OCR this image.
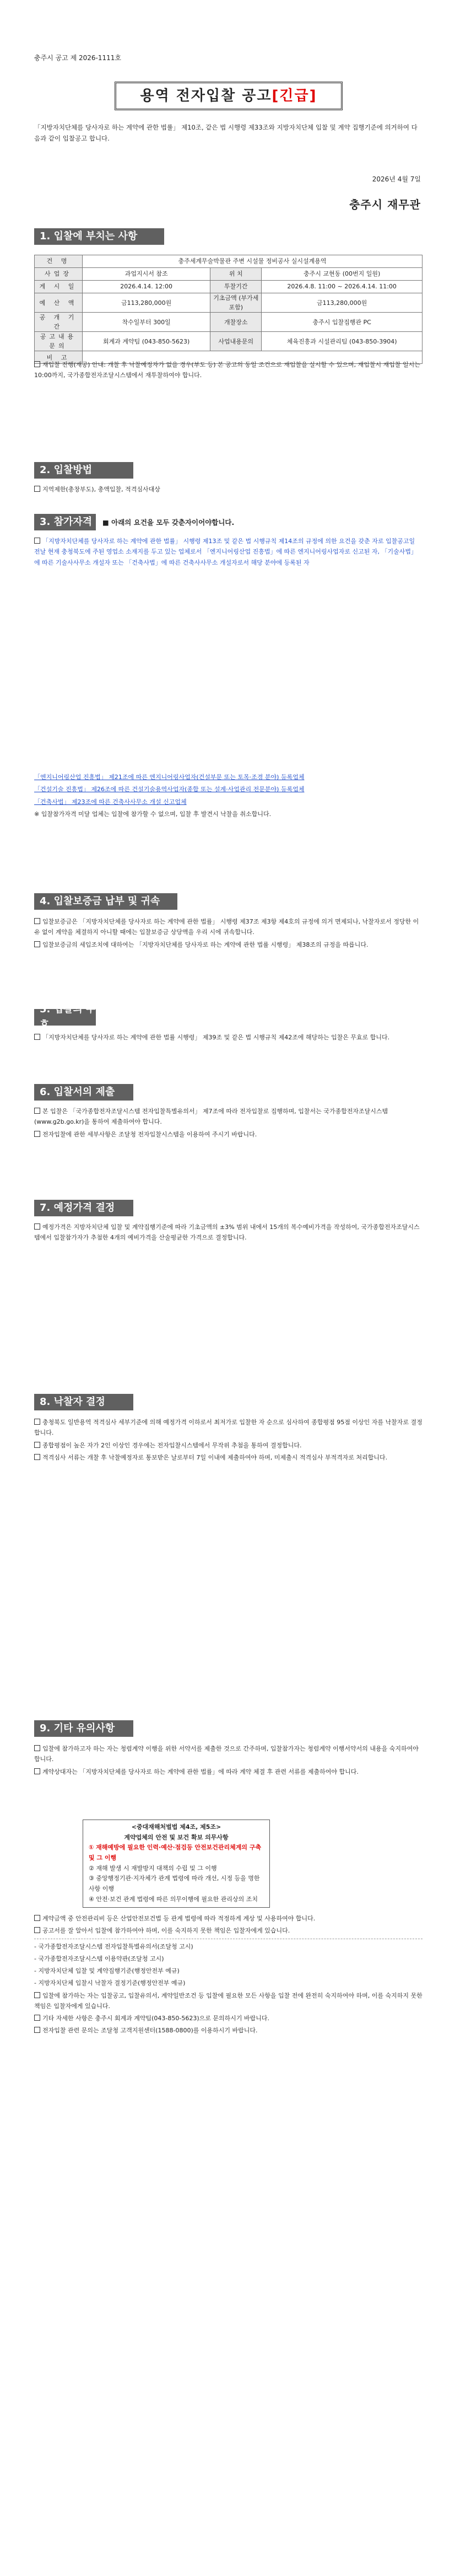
충주시 공고 제 2026-1111호
용역 전자입찰 공고 [긴급]
「지방자치단체를 당사자로 하는 계약에 관한 법률」 제10조, 같은 법 시행령 제33조와 지방자치단체 입찰 및 계약 집행기준에 의거하여 다음과 같이 입찰공고 합니다.
2026년 4월 7일
충주시 재무관
1. 입찰에 부치는 사항
건 명	충주세계무술박물관 주변 시설물 정비공사 실시설계용역		
사업장	과업지시서 참조	위 치	충주시 교현동 (00번지 일원)
게 시 일	2026.4.14. 12:00	투찰기간	2026.4.8. 11:00 ~ 2026.4.14. 11:00
예 산 액	금113,280,000원	기초금액 (부가세포함)	금113,280,000원
공 개 기 간	착수일부터 300일	개찰장소	충주시 입찰집행관 PC
공고내용문의	회계과 계약팀 (043-850-5623)	사업내용문의	체육진흥과 시설관리팀 (043-850-3904)
비 고			

재입찰 진행(재공) 안내: 개찰 후 낙찰예정자가 없을 경우(부도 등) 본 공고의 동일 조건으로 재입찰을 실시할 수 있으며, 재입찰시 재입찰 일시는 10:00까지, 국가종합전자조달시스템에서 재투찰하여야 합니다.

2. 입찰방법

지역제한(총창부도), 총액입찰, 적격심사대상

3. 참가자격	■ 아래의 요건을 모두 갖춘자이어야합니다.

「지방자치단체를 당사자로 하는 계약에 관한 법률」 시행령 제13조 및 같은 법 시행규칙 제14조의 규정에 의한 요건을 갖춘 자로 입찰공고일 전날 현재 충청북도에 주된 영업소 소재지를 두고 있는 업체로서 「엔지니어링산업 진흥법」에 따른 엔지니어링사업자로 신고된 자, 「기술사법」에 따른 기술사사무소 개설자 또는 「건축사법」에 따른 건축사사무소 개설자로서 해당 분야에 등록된 자

「엔지니어링산업 진흥법」 제21조에 따른 엔지니어링사업자(건설부문 또는 토목·조경 분야) 등록업체

「건설기술 진흥법」 제26조에 따른 건설기술용역사업자(종합 또는 설계·사업관리 전문분야) 등록업체

「건축사법」 제23조에 따른 건축사사무소 개설 신고업체

※ 입찰참가자격 미달 업체는 입찰에 참가할 수 없으며, 입찰 후 발견시 낙찰을 취소합니다.

4. 입찰보증금 납부 및 귀속

입찰보증금은 「지방자치단체를 당사자로 하는 계약에 관한 법률」 시행령 제37조 제3항 제4호의 규정에 의거 면제되나, 낙찰자로서 정당한 이유 없이 계약을 체결하지 아니할 때에는 입찰보증금 상당액을 우리 시에 귀속합니다.

입찰보증금의 세입조치에 대하여는 「지방자치단체를 당사자로 하는 계약에 관한 법률 시행령」 제38조의 규정을 따릅니다.

5. 입찰의 무효

「지방자치단체를 당사자로 하는 계약에 관한 법률 시행령」 제39조 및 같은 법 시행규칙 제42조에 해당하는 입찰은 무효로 합니다.

6. 입찰서의 제출

본 입찰은 「국가종합전자조달시스템 전자입찰특별유의서」 제7조에 따라 전자입찰로 집행하며, 입찰서는 국가종합전자조달시스템(www.g2b.go.kr)을 통하여 제출하여야 합니다.

전자입찰에 관한 세부사항은 조달청 전자입찰시스템을 이용하여 주시기 바랍니다.

7. 예정가격 결정

예정가격은 지방자치단체 입찰 및 계약집행기준에 따라 기초금액의 ±3% 범위 내에서 15개의 복수예비가격을 작성하여, 국가종합전자조달시스템에서 입찰참가자가 추첨한 4개의 예비가격을 산술평균한 가격으로 결정합니다.

8. 낙찰자 결정

충청북도 일반용역 적격심사 세부기준에 의해 예정가격 이하로서 최저가로 입찰한 자 순으로 심사하여 종합평점 95점 이상인 자를 낙찰자로 결정합니다.

종합평점이 높은 자가 2인 이상인 경우에는 전자입찰시스템에서 무작위 추첨을 통하여 결정합니다.

적격심사 서류는 개찰 후 낙찰예정자로 통보받은 날로부터 7일 이내에 제출하여야 하며, 미제출시 적격심사 부적격자로 처리합니다.

9. 기타 유의사항

입찰에 참가하고자 하는 자는 청렴계약 이행을 위한 서약서를 제출한 것으로 간주하며, 입찰참가자는 청렴계약 이행서약서의 내용을 숙지하여야 합니다.

계약상대자는 「지방자치단체를 당사자로 하는 계약에 관한 법률」에 따라 계약 체결 후 관련 서류를 제출하여야 합니다.

<중대재해처벌법 제4조, 제5조>
계약업체의 안전 및 보건 확보 의무사항
① 재해예방에 필요한 인력·예산·점검등 안전보건관리체계의 구축 및 그 이행
② 재해 발생 시 재발방지 대책의 수립 및 그 이행
③ 중앙행정기관·지자체가 관계 법령에 따라 개선, 시정 등을 명한 사항 이행
④ 안전·보건 관계 법령에 따른 의무이행에 필요한 관리상의 조치

계약금액 중 안전관리비 등은 산업안전보건법 등 관계 법령에 따라 적정하게 계상 및 사용하여야 합니다.

공고서를 잘 알아서 입찰에 참가하여야 하며, 이를 숙지하지 못한 책임은 입찰자에게 있습니다.

- 국가종합전자조달시스템 전자입찰특별유의서(조달청 고시)

- 국가종합전자조달시스템 이용약관(조달청 고시)

- 지방자치단체 입찰 및 계약집행기준(행정안전부 예규)

- 지방자치단체 입찰시 낙찰자 결정기준(행정안전부 예규)

입찰에 참가하는 자는 입찰공고, 입찰유의서, 계약일반조건 등 입찰에 필요한 모든 사항을 입찰 전에 완전히 숙지하여야 하며, 이를 숙지하지 못한 책임은 입찰자에게 있습니다.

기타 자세한 사항은 충주시 회계과 계약팀(043-850-5623)으로 문의하시기 바랍니다.

전자입찰 관련 문의는 조달청 고객지원센터(1588-0800)를 이용하시기 바랍니다.
